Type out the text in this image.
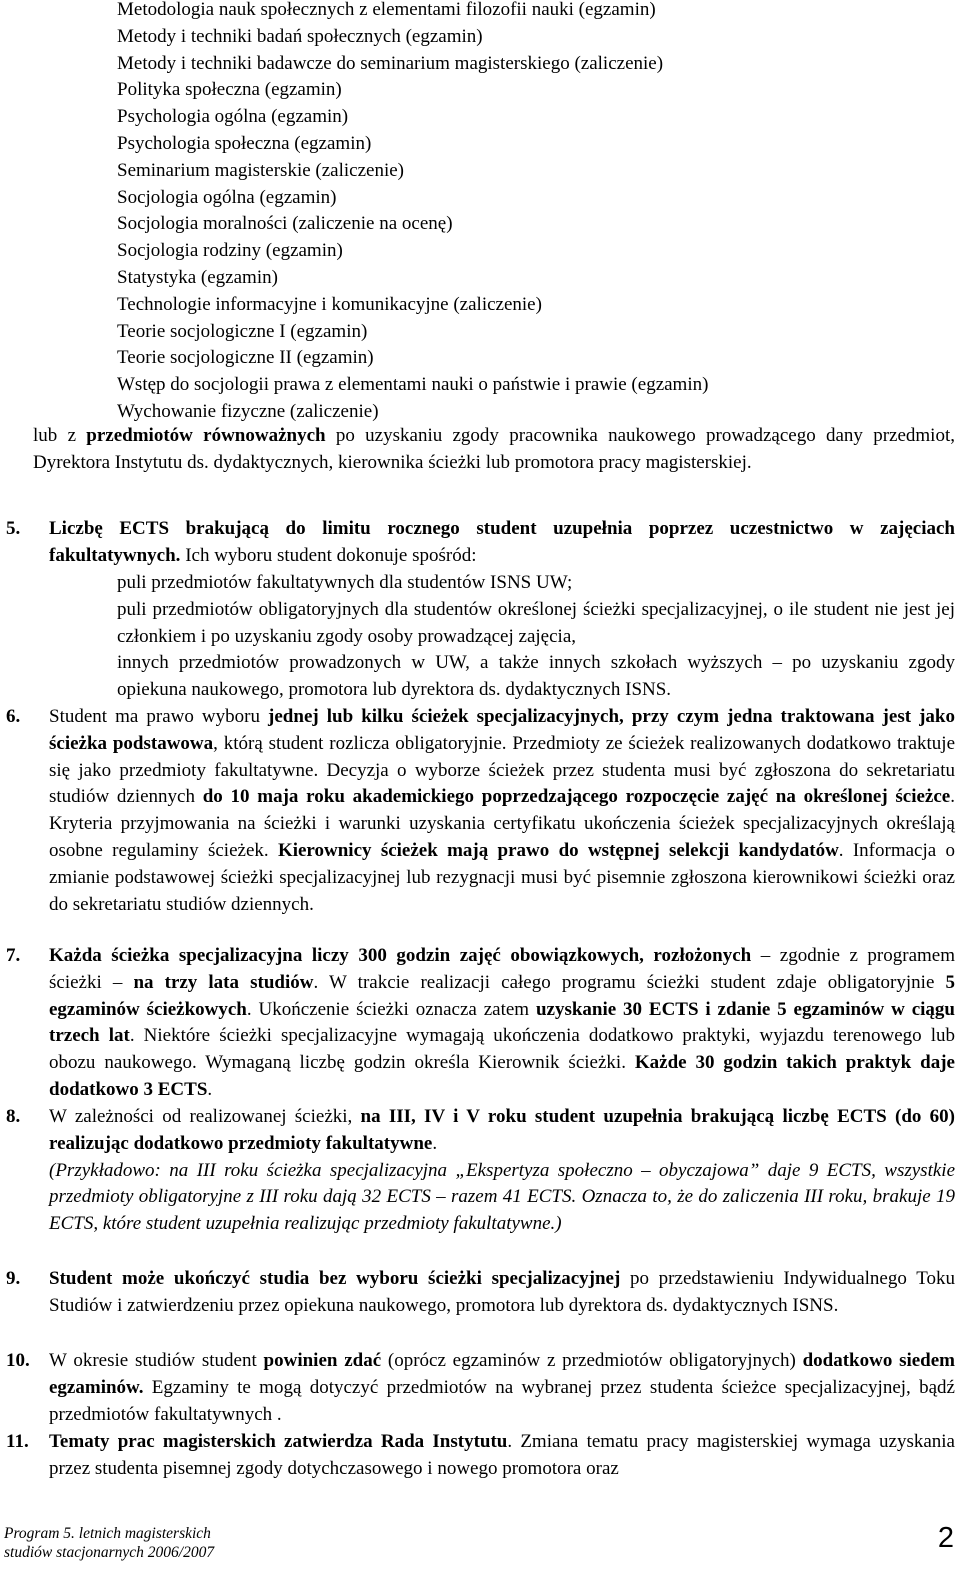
Metodologia nauk społecznych z elementami filozofii nauki (egzamin)
Metody i techniki badań społecznych (egzamin)
Metody i techniki badawcze do seminarium magisterskiego (zaliczenie)
Polityka społeczna (egzamin)
Psychologia ogólna (egzamin)
Psychologia społeczna (egzamin)
Seminarium magisterskie (zaliczenie)
Socjologia ogólna (egzamin)
Socjologia moralności (zaliczenie na ocenę)
Socjologia rodziny (egzamin)
Statystyka (egzamin)
Technologie informacyjne i komunikacyjne (zaliczenie)
Teorie socjologiczne I (egzamin)
Teorie socjologiczne II (egzamin)
Wstęp do socjologii prawa z elementami nauki o państwie i prawie (egzamin)
Wychowanie fizyczne (zaliczenie)
lub z przedmiotów równoważnych po uzyskaniu zgody pracownika naukowego prowadzącego dany przedmiot, Dyrektora Instytutu ds. dydaktycznych, kierownika ścieżki lub promotora pracy magisterskiej.
5.	Liczbę ECTS brakującą do limitu rocznego student uzupełnia poprzez uczestnictwo w zajęciach fakultatywnych. Ich wyboru student dokonuje spośród:
puli przedmiotów fakultatywnych dla studentów ISNS UW;
puli przedmiotów obligatoryjnych dla studentów określonej ścieżki specjalizacyjnej, o ile student nie jest jej członkiem i po uzyskaniu zgody osoby prowadzącej zajęcia,
innych przedmiotów prowadzonych w UW, a także innych szkołach wyższych – po uzyskaniu zgody opiekuna naukowego, promotora lub dyrektora ds. dydaktycznych ISNS.
6.	Student ma prawo wyboru jednej lub kilku ścieżek specjalizacyjnych, przy czym jedna traktowana jest jako ścieżka podstawowa, którą student rozlicza obligatoryjnie. Przedmioty ze ścieżek realizowanych dodatkowo traktuje się jako przedmioty fakultatywne. Decyzja o wyborze ścieżek przez studenta musi być zgłoszona do sekretariatu studiów dziennych do 10 maja roku akademickiego poprzedzającego rozpoczęcie zajęć na określonej ścieżce. Kryteria przyjmowania na ścieżki i warunki uzyskania certyfikatu ukończenia ścieżek specjalizacyjnych określają osobne regulaminy ścieżek. Kierownicy ścieżek mają prawo do wstępnej selekcji kandydatów. Informacja o zmianie podstawowej ścieżki specjalizacyjnej lub rezygnacji musi być pisemnie zgłoszona kierownikowi ścieżki oraz do sekretariatu studiów dziennych.
7.	Każda ścieżka specjalizacyjna liczy 300 godzin zajęć obowiązkowych, rozłożonych – zgodnie z programem ścieżki – na trzy lata studiów. W trakcie realizacji całego programu ścieżki student zdaje obligatoryjnie 5 egzaminów ścieżkowych. Ukończenie ścieżki oznacza zatem uzyskanie 30 ECTS i zdanie 5 egzaminów w ciągu trzech lat. Niektóre ścieżki specjalizacyjne wymagają ukończenia dodatkowo praktyki, wyjazdu terenowego lub obozu naukowego. Wymaganą liczbę godzin określa Kierownik ścieżki. Każde 30 godzin takich praktyk daje dodatkowo 3 ECTS.
8.	W zależności od realizowanej ścieżki, na III, IV i V roku student uzupełnia brakującą liczbę ECTS (do 60) realizując dodatkowo przedmioty fakultatywne.
(Przykładowo: na III roku ścieżka specjalizacyjna „Ekspertyza społeczno – obyczajowa” daje 9 ECTS, wszystkie przedmioty obligatoryjne z III roku dają 32 ECTS – razem 41 ECTS. Oznacza to, że do zaliczenia III roku, brakuje 19 ECTS, które student uzupełnia realizując przedmioty fakultatywne.)
9.	Student może ukończyć studia bez wyboru ścieżki specjalizacyjnej po przedstawieniu Indywidualnego Toku Studiów i zatwierdzeniu przez opiekuna naukowego, promotora lub dyrektora ds. dydaktycznych ISNS.
10.	W okresie studiów student powinien zdać (oprócz egzaminów z przedmiotów obligatoryjnych) dodatkowo siedem egzaminów. Egzaminy te mogą dotyczyć przedmiotów na wybranej przez studenta ścieżce specjalizacyjnej, bądź przedmiotów fakultatywnych .
11.	Tematy prac magisterskich zatwierdza Rada Instytutu. Zmiana tematu pracy magisterskiej wymaga uzyskania przez studenta pisemnej zgody dotychczasowego i nowego promotora oraz
Program 5. letnich magisterskich
studiów stacjonarnych 2006/2007	2
